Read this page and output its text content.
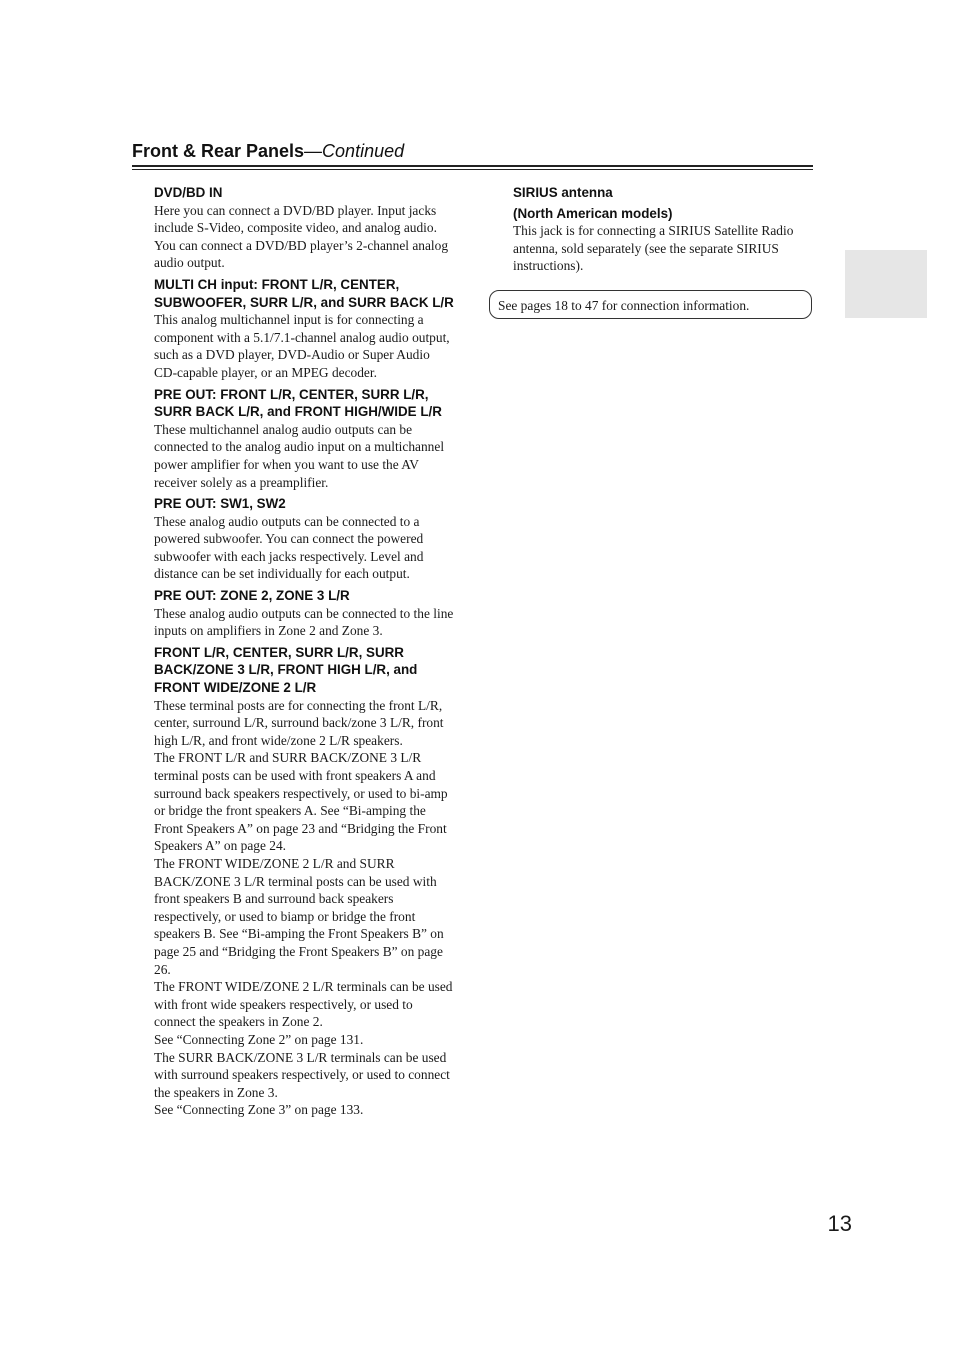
Front & Rear Panels—Continued
DVD/BD IN

Here you can connect a DVD/BD player. Input jacks include S-Video, composite video, and analog audio. You can connect a DVD/BD player’s 2-channel analog audio output.

MULTI CH input: FRONT L/R, CENTER, SUBWOOFER, SURR L/R, and SURR BACK L/R

This analog multichannel input is for connecting a component with a 5.1/7.1-channel analog audio output, such as a DVD player, DVD-Audio or Super Audio CD-capable player, or an MPEG decoder.

PRE OUT: FRONT L/R, CENTER, SURR L/R, SURR BACK L/R, and FRONT HIGH/WIDE L/R

These multichannel analog audio outputs can be connected to the analog audio input on a multichannel power amplifier for when you want to use the AV receiver solely as a preamplifier.

PRE OUT: SW1, SW2

These analog audio outputs can be connected to a powered subwoofer. You can connect the powered subwoofer with each jacks respectively. Level and distance can be set individually for each output.

PRE OUT: ZONE 2, ZONE 3 L/R

These analog audio outputs can be connected to the line inputs on amplifiers in Zone 2 and Zone 3.

FRONT L/R, CENTER, SURR L/R, SURR BACK/ZONE 3 L/R, FRONT HIGH L/R, and FRONT WIDE/ZONE 2 L/R

These terminal posts are for connecting the front L/R, center, surround L/R, surround back/zone 3 L/R, front high L/R, and front wide/zone 2 L/R speakers.

The FRONT L/R and SURR BACK/ZONE 3 L/R terminal posts can be used with front speakers A and surround back speakers respectively, or used to bi-amp or bridge the front speakers A. See “Bi-amping the Front Speakers A” on page 23 and “Bridging the Front Speakers A” on page 24.

The FRONT WIDE/ZONE 2 L/R and SURR BACK/ZONE 3 L/R terminal posts can be used with front speakers B and surround back speakers respectively, or used to biamp or bridge the front speakers B. See “Bi-amping the Front Speakers B” on page 25 and “Bridging the Front Speakers B” on page 26.

The FRONT WIDE/ZONE 2 L/R terminals can be used with front wide speakers respectively, or used to connect the speakers in Zone 2.

See “Connecting Zone 2” on page 131.

The SURR BACK/ZONE 3 L/R terminals can be used with surround speakers respectively, or used to connect the speakers in Zone 3.

See “Connecting Zone 3” on page 133.

SIRIUS antenna
(North American models)

This jack is for connecting a SIRIUS Satellite Radio antenna, sold separately (see the separate SIRIUS instructions).

See pages 18 to 47 for connection information.
13
